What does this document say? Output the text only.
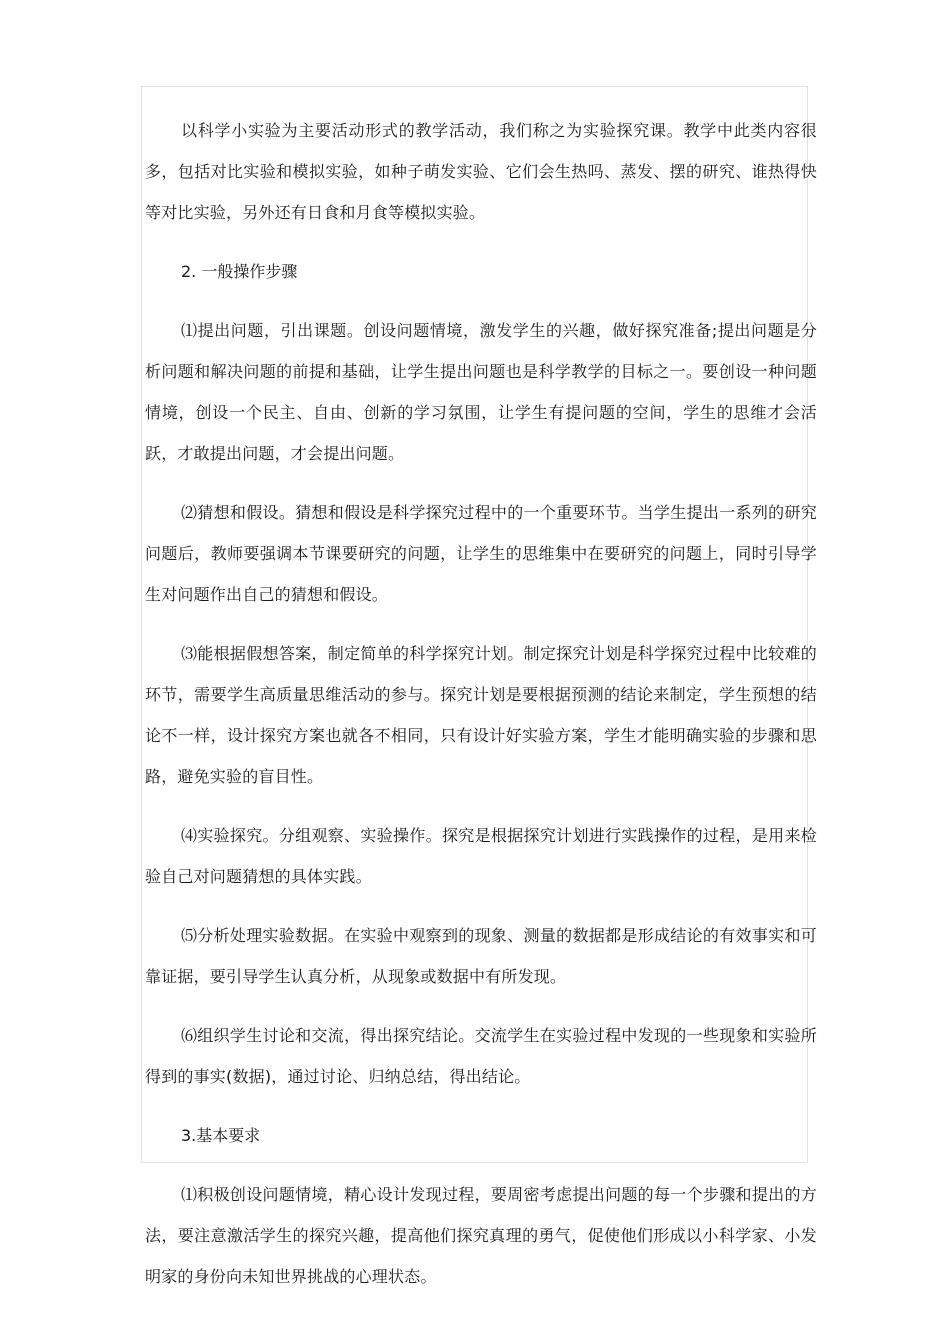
以科学小实验为主要活动形式的教学活动，我们称之为实验探究课。教学中此类内容很多，包括对比实验和模拟实验，如种子萌发实验、它们会生热吗、蒸发、摆的研究、谁热得快等对比实验，另外还有日食和月食等模拟实验。

2. 一般操作步骤

⑴提出问题，引出课题。创设问题情境，激发学生的兴趣，做好探究准备;提出问题是分析问题和解决问题的前提和基础，让学生提出问题也是科学教学的目标之一。要创设一种问题情境，创设一个民主、自由、创新的学习氛围，让学生有提问题的空间，学生的思维才会活跃，才敢提出问题，才会提出问题。

⑵猜想和假设。猜想和假设是科学探究过程中的一个重要环节。当学生提出一系列的研究问题后，教师要强调本节课要研究的问题，让学生的思维集中在要研究的问题上，同时引导学生对问题作出自己的猜想和假设。

⑶能根据假想答案，制定简单的科学探究计划。制定探究计划是科学探究过程中比较难的环节，需要学生高质量思维活动的参与。探究计划是要根据预测的结论来制定，学生预想的结论不一样，设计探究方案也就各不相同，只有设计好实验方案，学生才能明确实验的步骤和思路，避免实验的盲目性。

⑷实验探究。分组观察、实验操作。探究是根据探究计划进行实践操作的过程，是用来检验自己对问题猜想的具体实践。

⑸分析处理实验数据。在实验中观察到的现象、测量的数据都是形成结论的有效事实和可靠证据，要引导学生认真分析，从现象或数据中有所发现。

⑹组织学生讨论和交流，得出探究结论。交流学生在实验过程中发现的一些现象和实验所得到的事实(数据)，通过讨论、归纳总结，得出结论。

3.基本要求

⑴积极创设问题情境，精心设计发现过程，要周密考虑提出问题的每一个步骤和提出的方法，要注意激活学生的探究兴趣，提高他们探究真理的勇气，促使他们形成以小科学家、小发明家的身份向未知世界挑战的心理状态。
